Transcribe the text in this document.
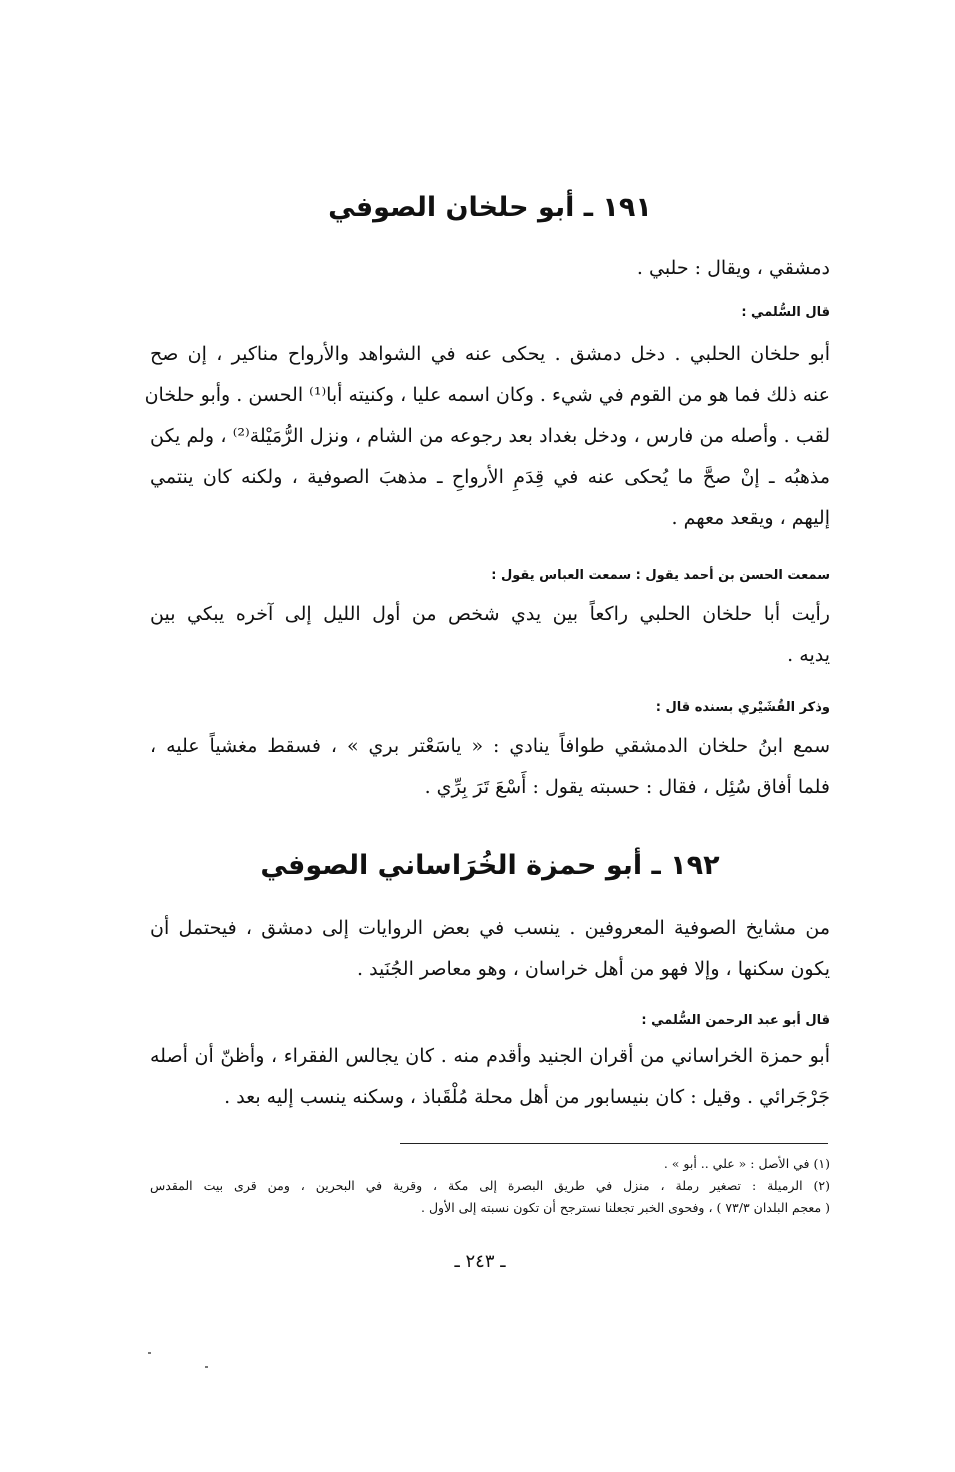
١٩١ ـ أبو حلخان الصوفي

دمشقي ، ويقال : حلبي .

قال السُّلمي :

أبو حلخان الحلبي . دخل دمشق . يحكى عنه في الشواهد والأرواح مناكير ، إن صح
عنه ذلك فما هو من القوم في شيء . وكان اسمه عليا ، وكنيته أبا⁽¹⁾ الحسن . وأبو حلخان
لقب . وأصله من فارس ، ودخل بغداد بعد رجوعه من الشام ، ونزل الرُّمَيْلة⁽²⁾ ، ولم يكن
مذهبُه ـ إنْ صحَّ ما يُحكى عنه في قِدَمِ الأرواحِ ـ مذهبَ الصوفية ، ولكنه كان ينتمي
إليهم ، ويقعد معهم .

سمعت الحسن بن أحمد يقول : سمعت العباس يقول :

رأيت أبا حلخان الحلبي راكعاً بين يدي شخص من أول الليل إلى آخره يبكي بين
يديه .

وذكر القُشَيْري بسنده قال :

سمع ابنُ حلخان الدمشقي طوافاً ينادي : « ياسَعْتر بري » ، فسقط مغشياً عليه ،
فلما أفاق سُئِل ، فقال : حسبته يقول : أَسْعَ تَرَ بِرِّي .
١٩٢ ـ أبو حمزة الخُرَاساني الصوفي
من مشايخ الصوفية المعروفين . ينسب في بعض الروايات إلى دمشق ، فيحتمل أن
يكون سكنها ، وإلا فهو من أهل خراسان ، وهو معاصر الجُنَيد .

قال أبو عبد الرحمن السُّلمي :

أبو حمزة الخراساني من أقران الجنيد وأقدم منه . كان يجالس الفقراء ، وأظنّ أن أصله
جَرْجَرائي . وقيل : كان بنيسابور من أهل محلة مُلْقَباذ ، وسكنه ينسب إليه بعد .
(١) في الأصل : « علي .. أبو » .
(٢) الرميلة : تصغير رملة ، منزل في طريق البصرة إلى مكة ، وقرية في البحرين ، ومن قرى بيت المقدس
( معجم البلدان ٧٣/٣ ) ، وفحوى الخبر تجعلنا نسترجح أن تكون نسبته إلى الأول .
ـ ٢٤٣ ـ
